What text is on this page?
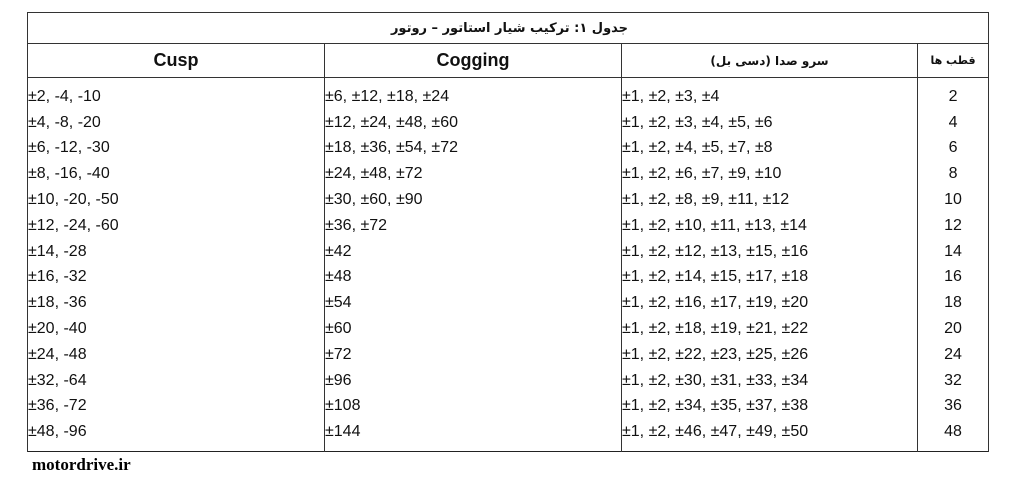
جدول ۱: ترکیب شیار استاتور – روتور			
Cusp	Cogging	سرو صدا (دسی بل)	قطب ها
±2, -4, -10	±6, ±12, ±18, ±24	±1, ±2, ±3, ±4	2
±4, -8, -20	±12, ±24, ±48, ±60	±1, ±2, ±3, ±4, ±5, ±6	4
±6, -12, -30	±18, ±36, ±54, ±72	±1, ±2, ±4, ±5, ±7, ±8	6
±8, -16, -40	±24, ±48, ±72	±1, ±2, ±6, ±7, ±9, ±10	8
±10, -20, -50	±30, ±60, ±90	±1, ±2, ±8, ±9, ±11, ±12	10
±12, -24, -60	±36, ±72	±1, ±2, ±10, ±11, ±13, ±14	12
±14, -28	±42	±1, ±2, ±12, ±13, ±15, ±16	14
±16, -32	±48	±1, ±2, ±14, ±15, ±17, ±18	16
±18, -36	±54	±1, ±2, ±16, ±17, ±19, ±20	18
±20, -40	±60	±1, ±2, ±18, ±19, ±21, ±22	20
±24, -48	±72	±1, ±2, ±22, ±23, ±25, ±26	24
±32, -64	±96	±1, ±2, ±30, ±31, ±33, ±34	32
±36, -72	±108	±1, ±2, ±34, ±35, ±37, ±38	36
±48, -96	±144	±1, ±2, ±46, ±47, ±49, ±50	48
motordrive.ir
